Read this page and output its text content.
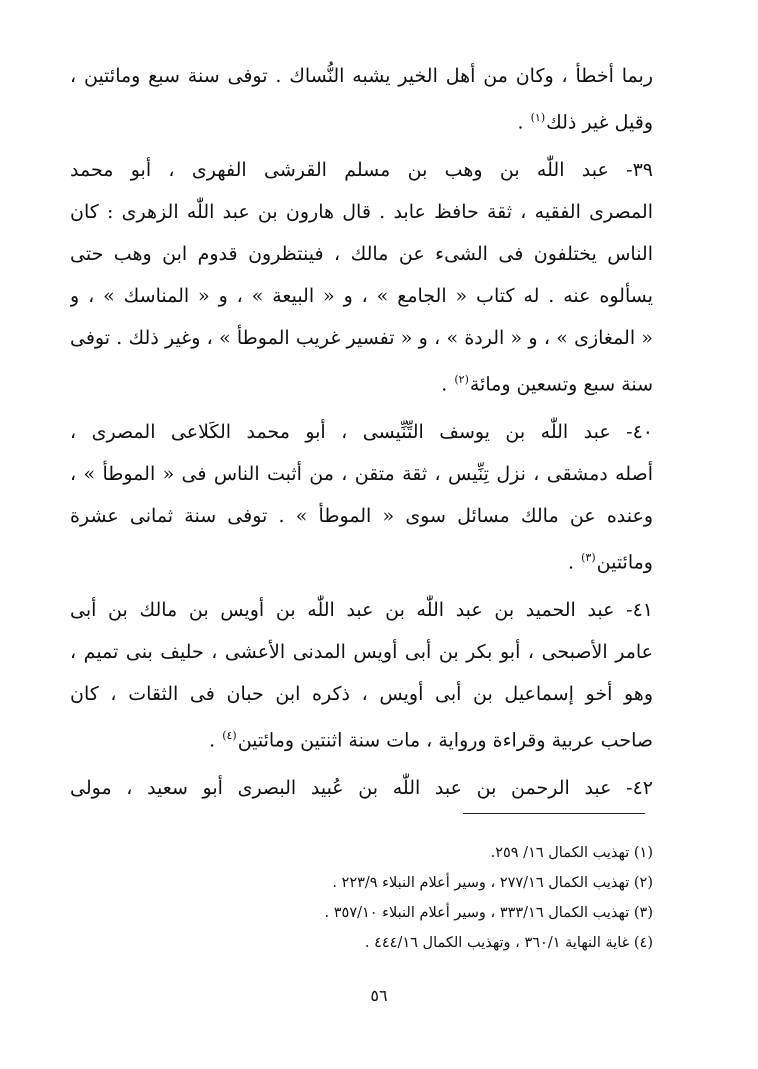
ربما أخطأ ، وكان من أهل الخير يشبه النُّساك . توفى سنة سبع ومائتين ،
وقيل غير ذلك$^{(١)}$ .
٣٩- عبد اللّٰه بن وهب بن مسلم القرشى الفهرى ، أبو محمد
المصرى الفقيه ، ثقة حافظ عابد . قال هارون بن عبد اللّٰه الزهرى : كان
الناس يختلفون فى الشىء عن مالك ، فينتظرون قدوم ابن وهب حتى
يسألوه عنه . له كتاب « الجامع » ، و « البيعة » ، و « المناسك » ، و
« المغازى » ، و « الردة » ، و « تفسير غريب الموطأ » ، وغير ذلك . توفى
سنة سبع وتسعين ومائة$^{(٢)}$ .
٤٠- عبد اللّٰه بن يوسف التِّنِّيسى ، أبو محمد الكَلاعى المصرى ،
أصله دمشقى ، نزل تِنِّيس ، ثقة متقن ، من أثبت الناس فى « الموطأ » ،
وعنده عن مالك مسائل سوى « الموطأ » . توفى سنة ثمانى عشرة
ومائتين$^{(٣)}$ .
٤١- عبد الحميد بن عبد اللّٰه بن عبد اللّٰه بن أويس بن مالك بن أبى
عامر الأصبحى ، أبو بكر بن أبى أويس المدنى الأعشى ، حليف بنى تميم ،
وهو أخو إسماعيل بن أبى أويس ، ذكره ابن حبان فى الثقات ، كان
صاحب عربية وقراءة ورواية ، مات سنة اثنتين ومائتين$^{(٤)}$ .
٤٢- عبد الرحمن بن عبد اللّٰه بن عُبيد البصرى أبو سعيد ، مولى
(١) تهذيب الكمال ١٦/ ٢٥٩.
(٢) تهذيب الكمال ٢٧٧/١٦ ، وسير أعلام النبلاء ٢٢٣/٩ .
(٣) تهذيب الكمال ٣٣٣/١٦ ، وسير أعلام النبلاء ٣٥٧/١٠ .
(٤) غاية النهاية ٣٦٠/١ ، وتهذيب الكمال ٤٤٤/١٦ .
٥٦
